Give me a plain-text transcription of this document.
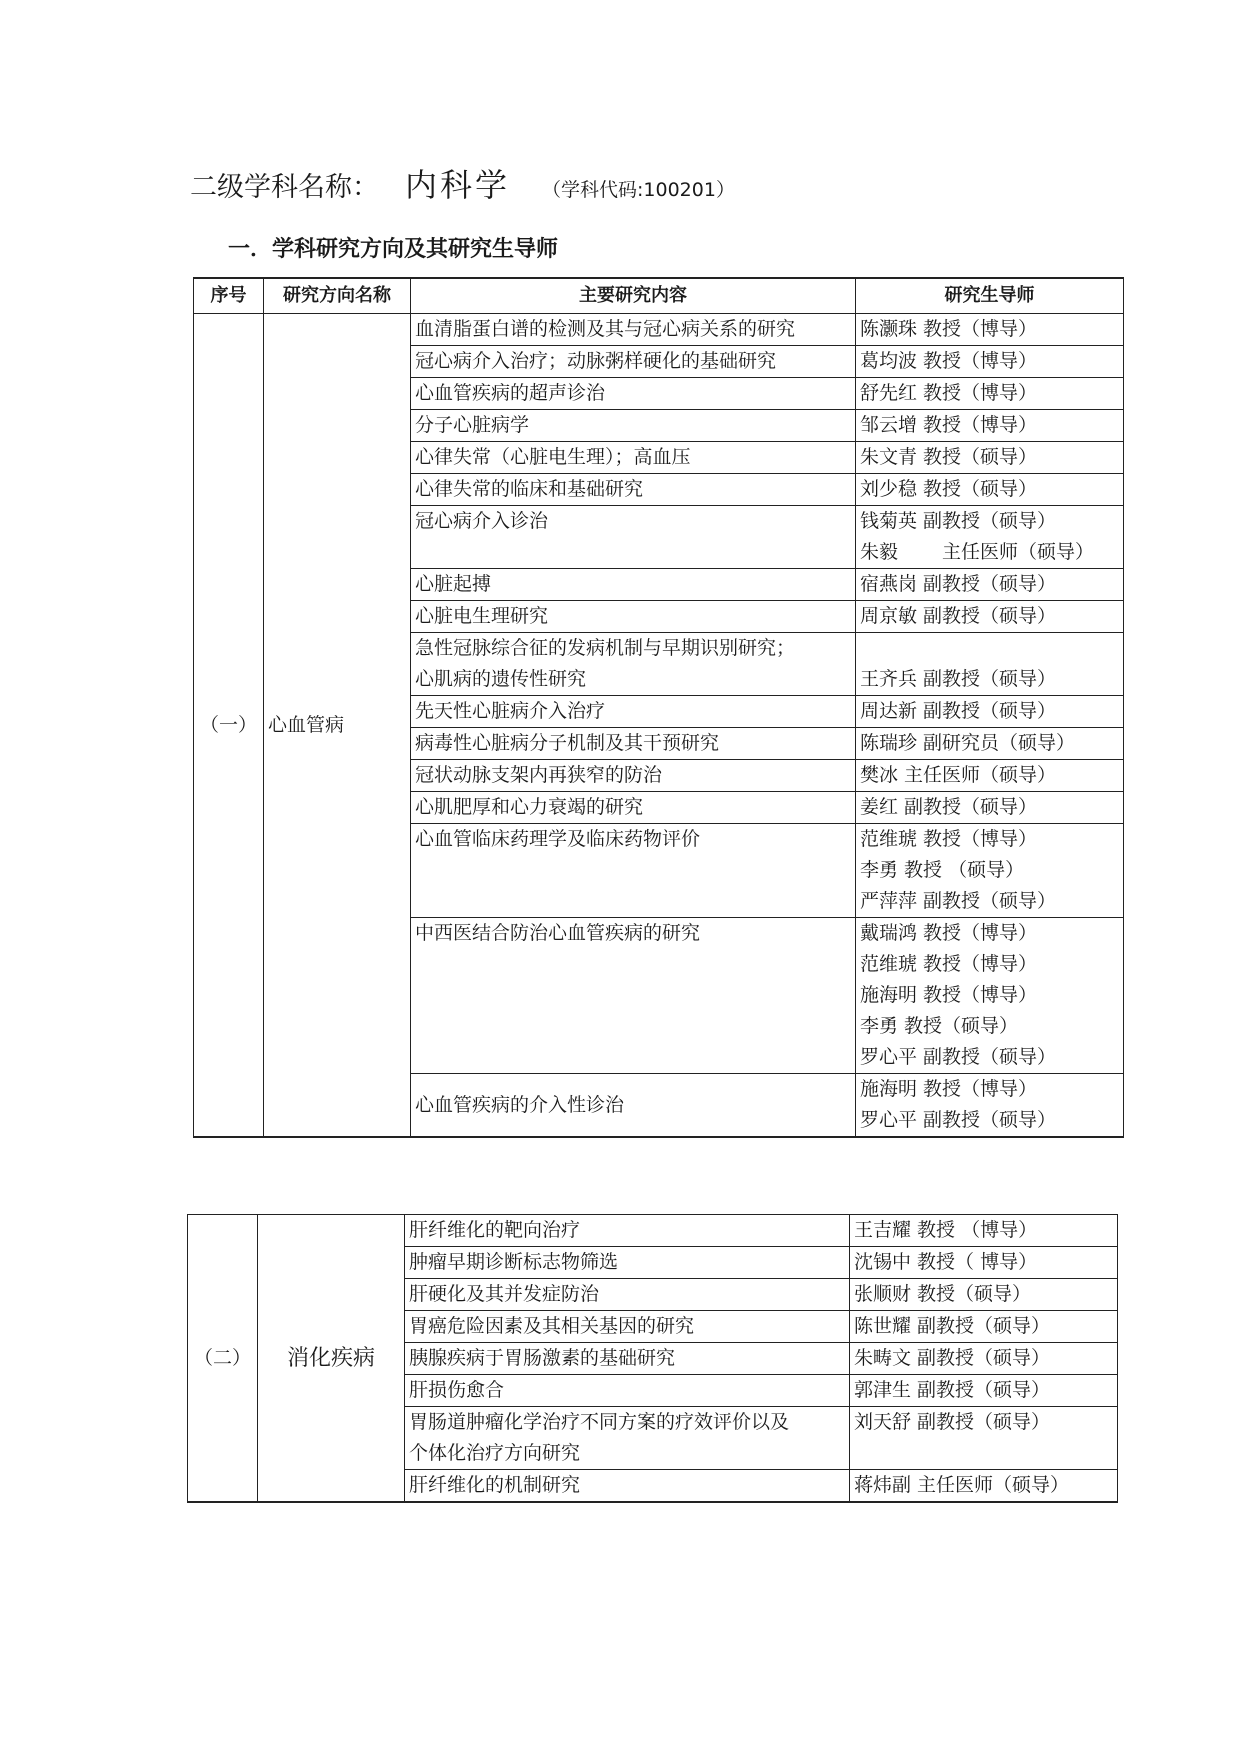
二级学科名称： 内科学 （学科代码:100201）
一．学科研究方向及其研究生导师
序号	研究方向名称	主要研究内容	研究生导师
（一）	心血管病	血清脂蛋白谱的检测及其与冠心病关系的研究	陈灏珠 教授（博导）

		冠心病介入治疗；动脉粥样硬化的基础研究	葛均波 教授（博导）

		心血管疾病的超声诊治	舒先红 教授（博导）

		分子心脏病学	邹云增 教授（博导）

		心律失常（心脏电生理）；高血压	朱文青 教授（硕导）

		心律失常的临床和基础研究	刘少稳 教授（硕导）

		冠心病介入诊治	钱菊英 副教授（硕导）
朱毅　　 主任医师（硕导）

		心脏起搏	宿燕岗 副教授（硕导）

		心脏电生理研究	周京敏 副教授（硕导）

		急性冠脉综合征的发病机制与早期识别研究；
心肌病的遗传性研究	王齐兵 副教授（硕导）

		先天性心脏病介入治疗	周达新 副教授（硕导）

		病毒性心脏病分子机制及其干预研究	陈瑞珍 副研究员（硕导）

		冠状动脉支架内再狭窄的防治	樊冰 主任医师（硕导）

		心肌肥厚和心力衰竭的研究	姜红 副教授（硕导）

		心血管临床药理学及临床药物评价	范维琥 教授（博导）
李勇 教授 （硕导）
严萍萍 副教授（硕导）

		中西医结合防治心血管疾病的研究	戴瑞鸿 教授（博导）
范维琥 教授（博导）
施海明 教授（博导）
李勇 教授（硕导）
罗心平 副教授（硕导）

		心血管疾病的介入性诊治	施海明 教授（博导）
罗心平 副教授（硕导）
（二）	消化疾病	肝纤维化的靶向治疗	王吉耀 教授 （博导）

		肿瘤早期诊断标志物筛选	沈锡中 教授（ 博导）

		肝硬化及其并发症防治	张顺财 教授（硕导）

		胃癌危险因素及其相关基因的研究	陈世耀 副教授（硕导）

		胰腺疾病于胃肠激素的基础研究	朱畴文 副教授（硕导）

		肝损伤愈合	郭津生 副教授（硕导）

		胃肠道肿瘤化学治疗不同方案的疗效评价以及
个体化治疗方向研究	刘天舒 副教授（硕导）

		肝纤维化的机制研究	蒋炜副 主任医师（硕导）
